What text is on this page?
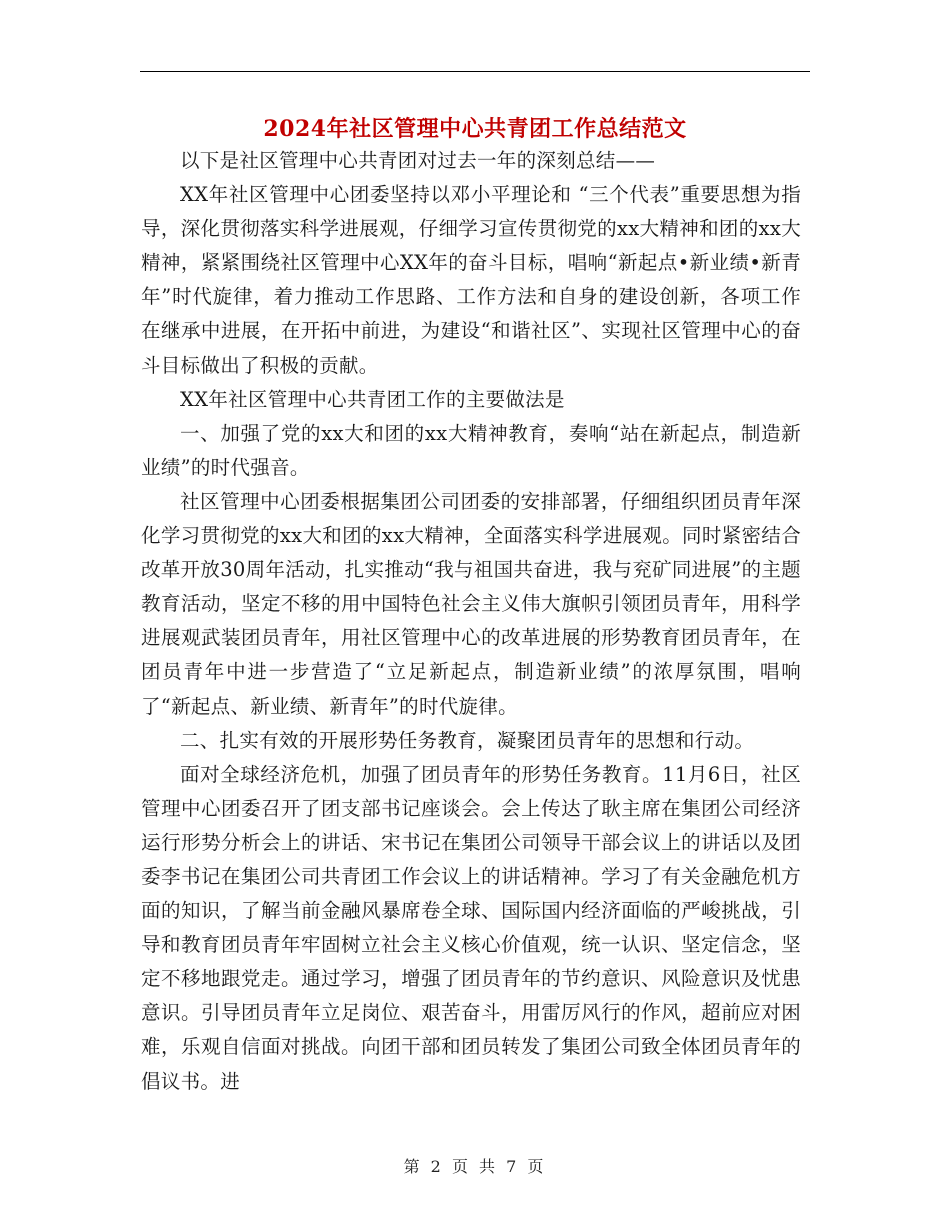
2024年社区管理中心共青团工作总结范文

以下是社区管理中心共青团对过去一年的深刻总结——

XX年社区管理中心团委坚持以邓小平理论和 “三个代表”重要思想为指导，深化贯彻落实科学进展观，仔细学习宣传贯彻党的xx大精神和团的xx大精神，紧紧围绕社区管理中心XX年的奋斗目标，唱响“新起点•新业绩•新青年”时代旋律，着力推动工作思路、工作方法和自身的建设创新，各项工作在继承中进展，在开拓中前进，为建设“和谐社区”、实现社区管理中心的奋斗目标做出了积极的贡献。

XX年社区管理中心共青团工作的主要做法是

一、加强了党的xx大和团的xx大精神教育，奏响“站在新起点，制造新业绩”的时代强音。

社区管理中心团委根据集团公司团委的安排部署，仔细组织团员青年深化学习贯彻党的xx大和团的xx大精神，全面落实科学进展观。同时紧密结合改革开放30周年活动，扎实推动“我与祖国共奋进，我与兖矿同进展”的主题教育活动，坚定不移的用中国特色社会主义伟大旗帜引领团员青年，用科学进展观武装团员青年，用社区管理中心的改革进展的形势教育团员青年，在团员青年中进一步营造了“立足新起点，制造新业绩”的浓厚氛围，唱响了“新起点、新业绩、新青年”的时代旋律。

二、扎实有效的开展形势任务教育，凝聚团员青年的思想和行动。

面对全球经济危机，加强了团员青年的形势任务教育。11月6日，社区管理中心团委召开了团支部书记座谈会。会上传达了耿主席在集团公司经济运行形势分析会上的讲话、宋书记在集团公司领导干部会议上的讲话以及团委李书记在集团公司共青团工作会议上的讲话精神。学习了有关金融危机方面的知识，了解当前金融风暴席卷全球、国际国内经济面临的严峻挑战，引导和教育团员青年牢固树立社会主义核心价值观，统一认识、坚定信念，坚定不移地跟党走。通过学习，增强了团员青年的节约意识、风险意识及忧患意识。引导团员青年立足岗位、艰苦奋斗，用雷厉风行的作风，超前应对困难，乐观自信面对挑战。向团干部和团员转发了集团公司致全体团员青年的倡议书。进

第 2 页 共 7 页
